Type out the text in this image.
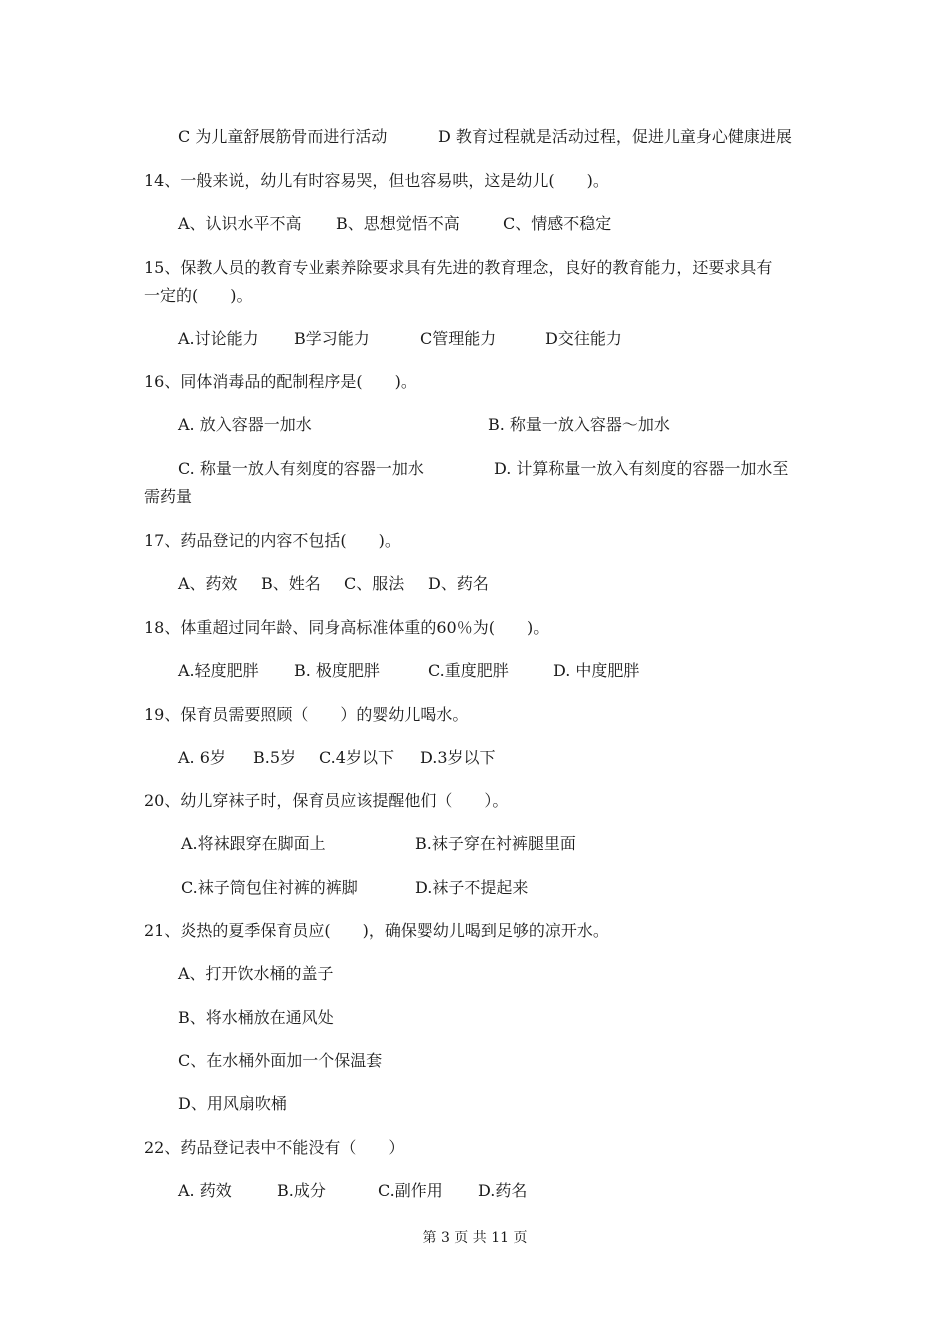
C 为儿童舒展筋骨而进行活动	D 教育过程就是活动过程，促进儿童身心健康进展
14、一般来说，幼儿有时容易哭，但也容易哄，这是幼儿(　　)。
A、认识水平不高 B、思想觉悟不高	C、情感不稳定
15、保教人员的教育专业素养除要求具有先进的教育理念，良好的教育能力，还要求具有
一定的(　　)。
A.讨论能力 B学习能力	C管理能力	D交往能力
16、同体消毒品的配制程序是(　　)。
A. 放入容器一加水	B. 称量一放入容器～加水
C. 称量一放人有刻度的容器一加水	D. 计算称量一放入有刻度的容器一加水至
需药量
17、药品登记的内容不包括(　　)。
A、药效 B、姓名 C、服法 D、药名
18、体重超过同年龄、同身高标准体重的60％为(　　)。
A.轻度肥胖 B. 极度肥胖	C.重度肥胖	D. 中度肥胖
19、保育员需要照顾（　　）的婴幼儿喝水。
A. 6岁 B.5岁 C.4岁以下 D.3岁以下
20、幼儿穿袜子时，保育员应该提醒他们（　　）。
A.将袜跟穿在脚面上	B.袜子穿在衬裤腿里面
C.袜子筒包住衬裤的裤脚	D.袜子不提起来
21、炎热的夏季保育员应(　　)，确保婴幼儿喝到足够的凉开水。
A、打开饮水桶的盖子
B、将水桶放在通风处
C、在水桶外面加一个保温套
D、用风扇吹桶
22、药品登记表中不能没有（　　）
A. 药效	B.成分	C.副作用 D.药名
第 3 页 共 11 页
